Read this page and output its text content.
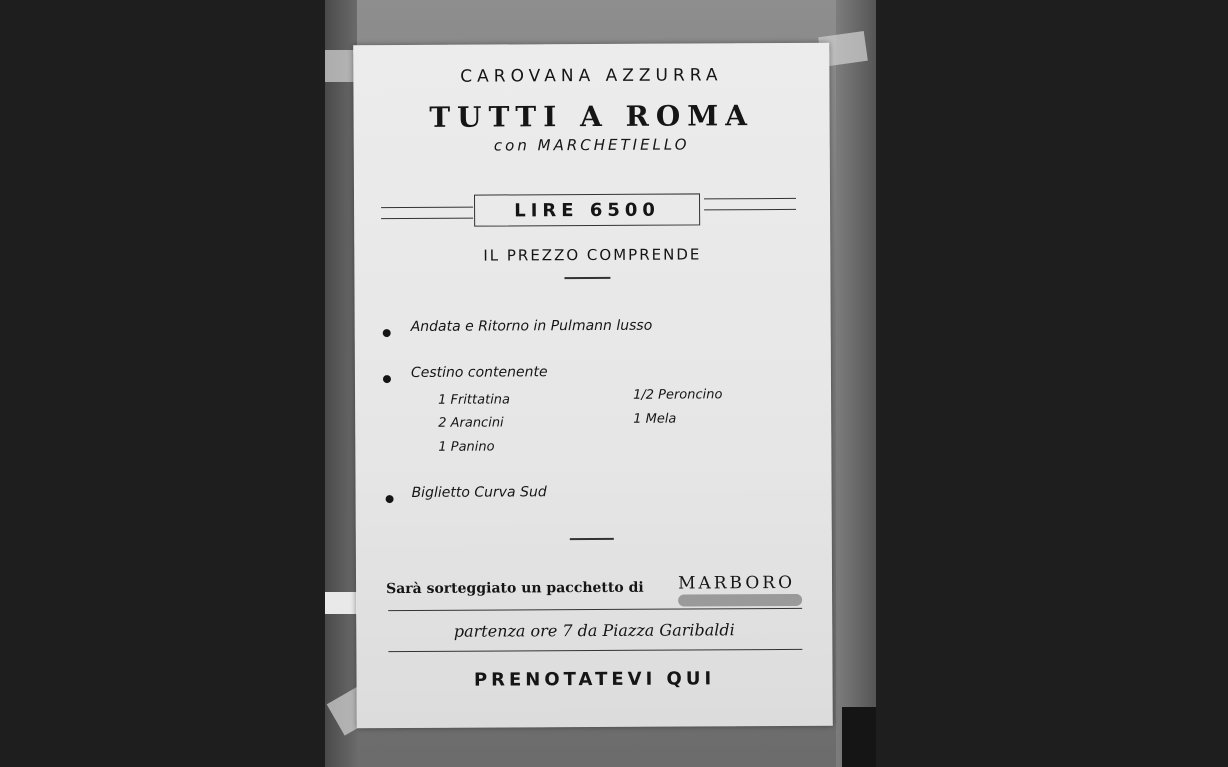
CAROVANA AZZURRA
TUTTI A ROMA
con MARCHETIELLO
LIRE 6500
IL PREZZO COMPRENDE
Andata e Ritorno in Pulmann lusso
Cestino contenente
1 Frittatina
2 Arancini
1 Panino
1/2 Peroncino
1 Mela
Biglietto Curva Sud
Sarà sorteggiato un pacchetto di MARBORO
partenza ore 7 da Piazza Garibaldi
PRENOTATEVI QUI
